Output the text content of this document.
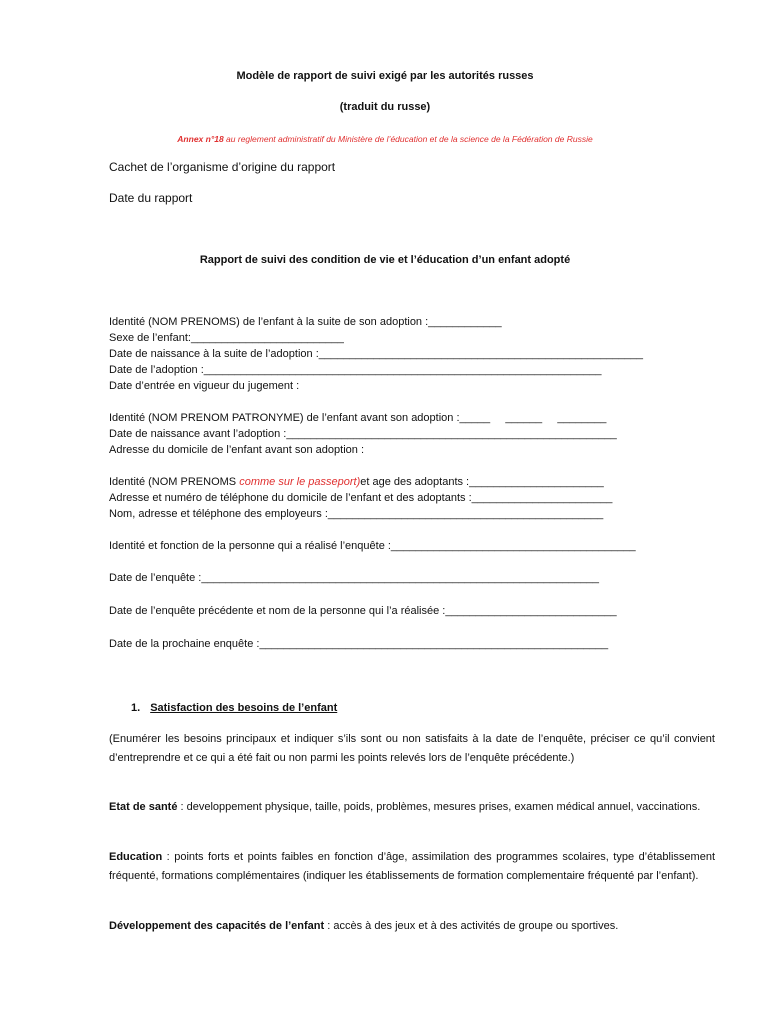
Modèle de rapport de suivi exigé par les autorités russes
(traduit du russe)
Annex n°18 au reglement administratif du Ministère de l’éducation et de la science de la Fédération de Russie
Cachet de l’organisme d’origine du rapport
Date du rapport
Rapport de suivi des condition de vie et l’éducation d’un enfant adopté
Identité (NOM PRENOMS) de l’enfant à la suite de son adoption :____________
Sexe de l’enfant:_________________________
Date de naissance à la suite de l’adoption :_____________________________________________________
Date de l’adoption :_________________________________________________________________
Date d’entrée en vigueur du jugement :
Identité (NOM PRENOM PATRONYME) de l’enfant avant son adoption :_____     ______     ________
Date de naissance avant l’adoption :______________________________________________________
Adresse du domicile de l’enfant avant son adoption :
Identité (NOM PRENOMS comme sur le passeport)et age des adoptants :______________________
Adresse et numéro de téléphone du domicile de l’enfant et des adoptants :_______________________
Nom, adresse et téléphone des employeurs :_____________________________________________
Identité et fonction de la personne qui a réalisé l’enquête :________________________________________
Date de l’enquête :_________________________________________________________________
Date de l’enquête précédente et nom de la personne qui l’a réalisée :____________________________
Date de la prochaine enquête :_________________________________________________________
1. Satisfaction des besoins de l’enfant
(Enumérer les besoins principaux et indiquer s’ils sont ou non satisfaits à la date de l’enquête, préciser ce qu’il convient d’entreprendre et ce qui a été fait ou non parmi les points relevés lors de l’enquête précédente.)
Etat de santé : developpement physique, taille, poids, problèmes, mesures prises, examen médical annuel, vaccinations.
Education : points forts et points faibles en fonction d’âge, assimilation des programmes scolaires, type d’établissement fréquenté, formations complémentaires (indiquer les établissements de formation complementaire fréquenté par l’enfant).
Développement des capacités de l’enfant : accès à des jeux et à des activités de groupe ou sportives.
